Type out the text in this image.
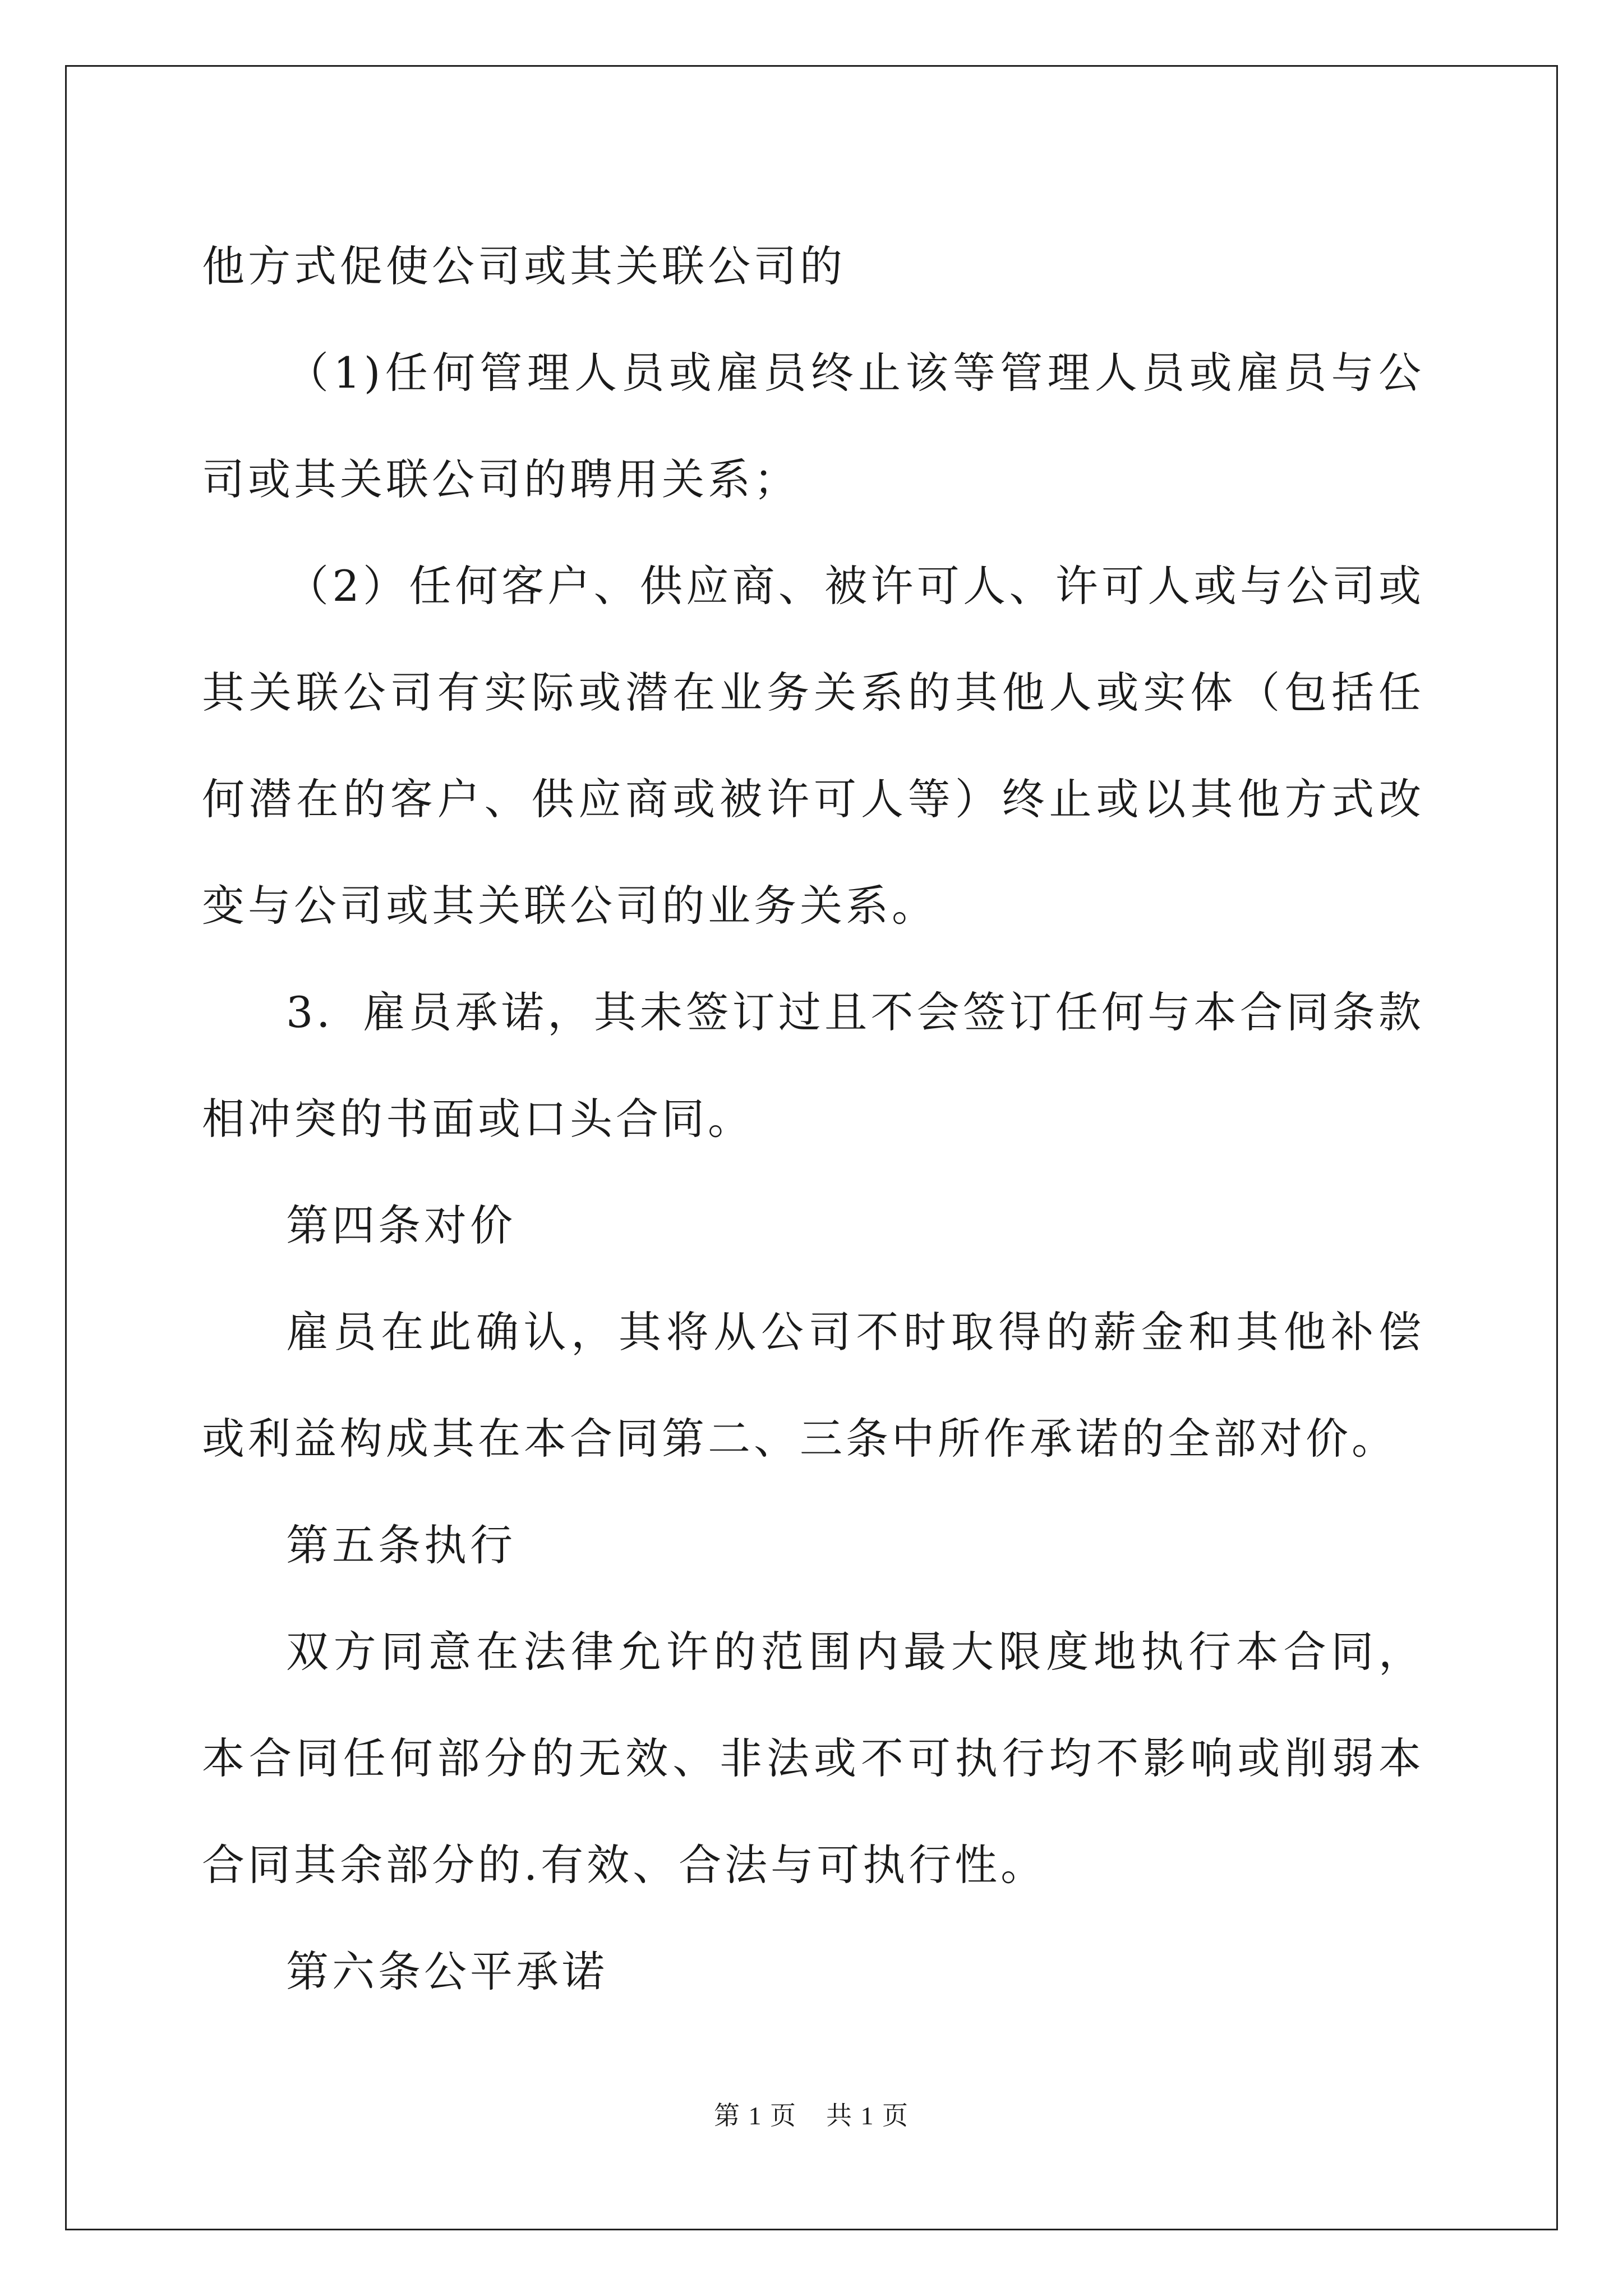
他方式促使公司或其关联公司的

（1)任何管理人员或雇员终止该等管理人员或雇员与公司或其关联公司的聘用关系；

（2）任何客户、供应商、被许可人、许可人或与公司或其关联公司有实际或潜在业务关系的其他人或实体（包括任何潜在的客户、供应商或被许可人等）终止或以其他方式改变与公司或其关联公司的业务关系。

3．雇员承诺，其未签订过且不会签订任何与本合同条款相冲突的书面或口头合同。

第四条对价

雇员在此确认，其将从公司不时取得的薪金和其他补偿或利益构成其在本合同第二、三条中所作承诺的全部对价。

第五条执行

双方同意在法律允许的范围内最大限度地执行本合同，本合同任何部分的无效、非法或不可执行均不影响或削弱本合同其余部分的.有效、合法与可执行性。

第六条公平承诺

第 1 页 共 1 页
